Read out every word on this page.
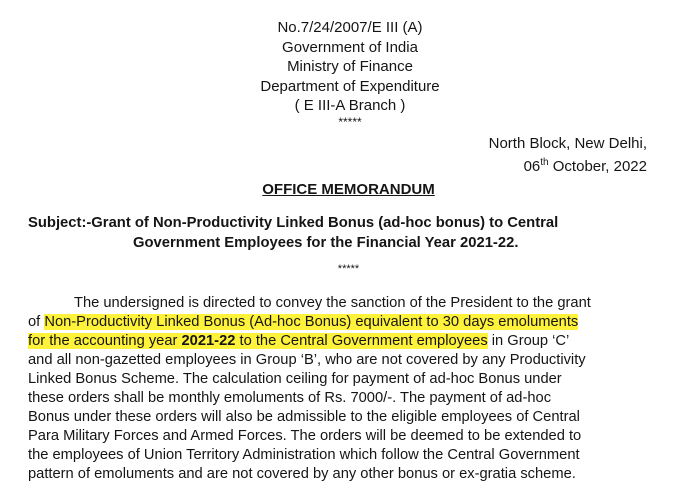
No.7/24/2007/E III (A)
Government of India
Ministry of Finance
Department of Expenditure
( E III-A Branch )
*****
North Block, New Delhi,
06th October, 2022
OFFICE MEMORANDUM
Subject:-Grant of Non-Productivity Linked Bonus (ad-hoc bonus) to Central
Government Employees for the Financial Year 2021-22.
*****
The undersigned is directed to convey the sanction of the President to the grant
of Non-Productivity Linked Bonus (Ad-hoc Bonus) equivalent to 30 days emoluments
for the accounting year 2021-22 to the Central Government employees in Group ‘C’
and all non-gazetted employees in Group ‘B’, who are not covered by any Productivity
Linked Bonus Scheme. The calculation ceiling for payment of ad-hoc Bonus under
these orders shall be monthly emoluments of Rs. 7000/-. The payment of ad-hoc
Bonus under these orders will also be admissible to the eligible employees of Central
Para Military Forces and Armed Forces. The orders will be deemed to be extended to
the employees of Union Territory Administration which follow the Central Government
pattern of emoluments and are not covered by any other bonus or ex-gratia scheme.
